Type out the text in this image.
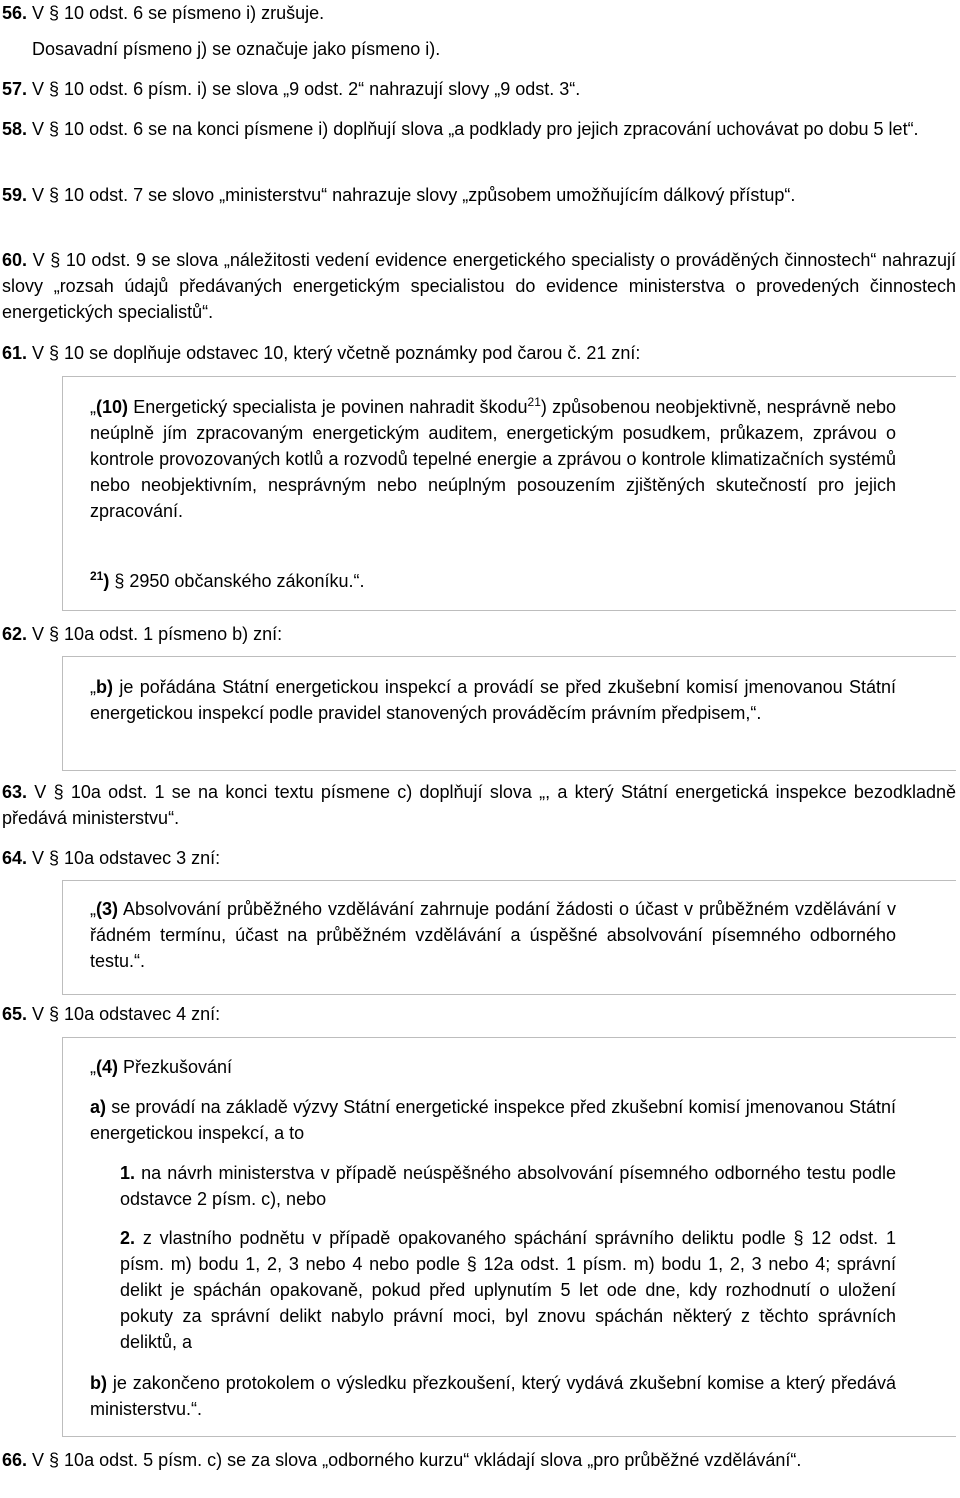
56. V § 10 odst. 6 se písmeno i) zrušuje.

Dosavadní písmeno j) se označuje jako písmeno i).

57. V § 10 odst. 6 písm. i) se slova „9 odst. 2“ nahrazují slovy „9 odst. 3“.

58. V § 10 odst. 6 se na konci písmene i) doplňují slova „a podklady pro jejich zpracování uchovávat po dobu 5 let“.

59. V § 10 odst. 7 se slovo „ministerstvu“ nahrazuje slovy „způsobem umožňujícím dálkový přístup“.

60. V § 10 odst. 9 se slova „náležitosti vedení evidence energetického specialisty o prováděných činnostech“ nahrazují slovy „rozsah údajů předávaných energetickým specialistou do evidence ministerstva o provedených činnostech energetických specialistů“.

61. V § 10 se doplňuje odstavec 10, který včetně poznámky pod čarou č. 21 zní:

„(10) Energetický specialista je povinen nahradit škodu$^{21}$) způsobenou neobjektivně, nesprávně nebo neúplně jím zpracovaným energetickým auditem, energetickým posudkem, průkazem, zprávou o kontrole provozovaných kotlů a rozvodů tepelné energie a zprávou o kontrole klimatizačních systémů nebo neobjektivním, nesprávným nebo neúplným posouzením zjištěných skutečností pro jejich zpracování.

$^{21}$) § 2950 občanského zákoníku.“.

62. V § 10a odst. 1 písmeno b) zní:

„b) je pořádána Státní energetickou inspekcí a provádí se před zkušební komisí jmenovanou Státní energetickou inspekcí podle pravidel stanovených prováděcím právním předpisem,“.

63. V § 10a odst. 1 se na konci textu písmene c) doplňují slova „, a který Státní energetická inspekce bezodkladně předává ministerstvu“.

64. V § 10a odstavec 3 zní:

„(3) Absolvování průběžného vzdělávání zahrnuje podání žádosti o účast v průběžném vzdělávání v řádném termínu, účast na průběžném vzdělávání a úspěšné absolvování písemného odborného testu.“.

65. V § 10a odstavec 4 zní:

„(4) Přezkušování

a) se provádí na základě výzvy Státní energetické inspekce před zkušební komisí jmenovanou Státní energetickou inspekcí, a to

1. na návrh ministerstva v případě neúspěšného absolvování písemného odborného testu podle odstavce 2 písm. c), nebo

2. z vlastního podnětu v případě opakovaného spáchání správního deliktu podle § 12 odst. 1 písm. m) bodu 1, 2, 3 nebo 4 nebo podle § 12a odst. 1 písm. m) bodu 1, 2, 3 nebo 4; správní delikt je spáchán opakovaně, pokud před uplynutím 5 let ode dne, kdy rozhodnutí o uložení pokuty za správní delikt nabylo právní moci, byl znovu spáchán některý z těchto správních deliktů, a

b) je zakončeno protokolem o výsledku přezkoušení, který vydává zkušební komise a který předává ministerstvu.“.

66. V § 10a odst. 5 písm. c) se za slova „odborného kurzu“ vkládají slova „pro průběžné vzdělávání“.
